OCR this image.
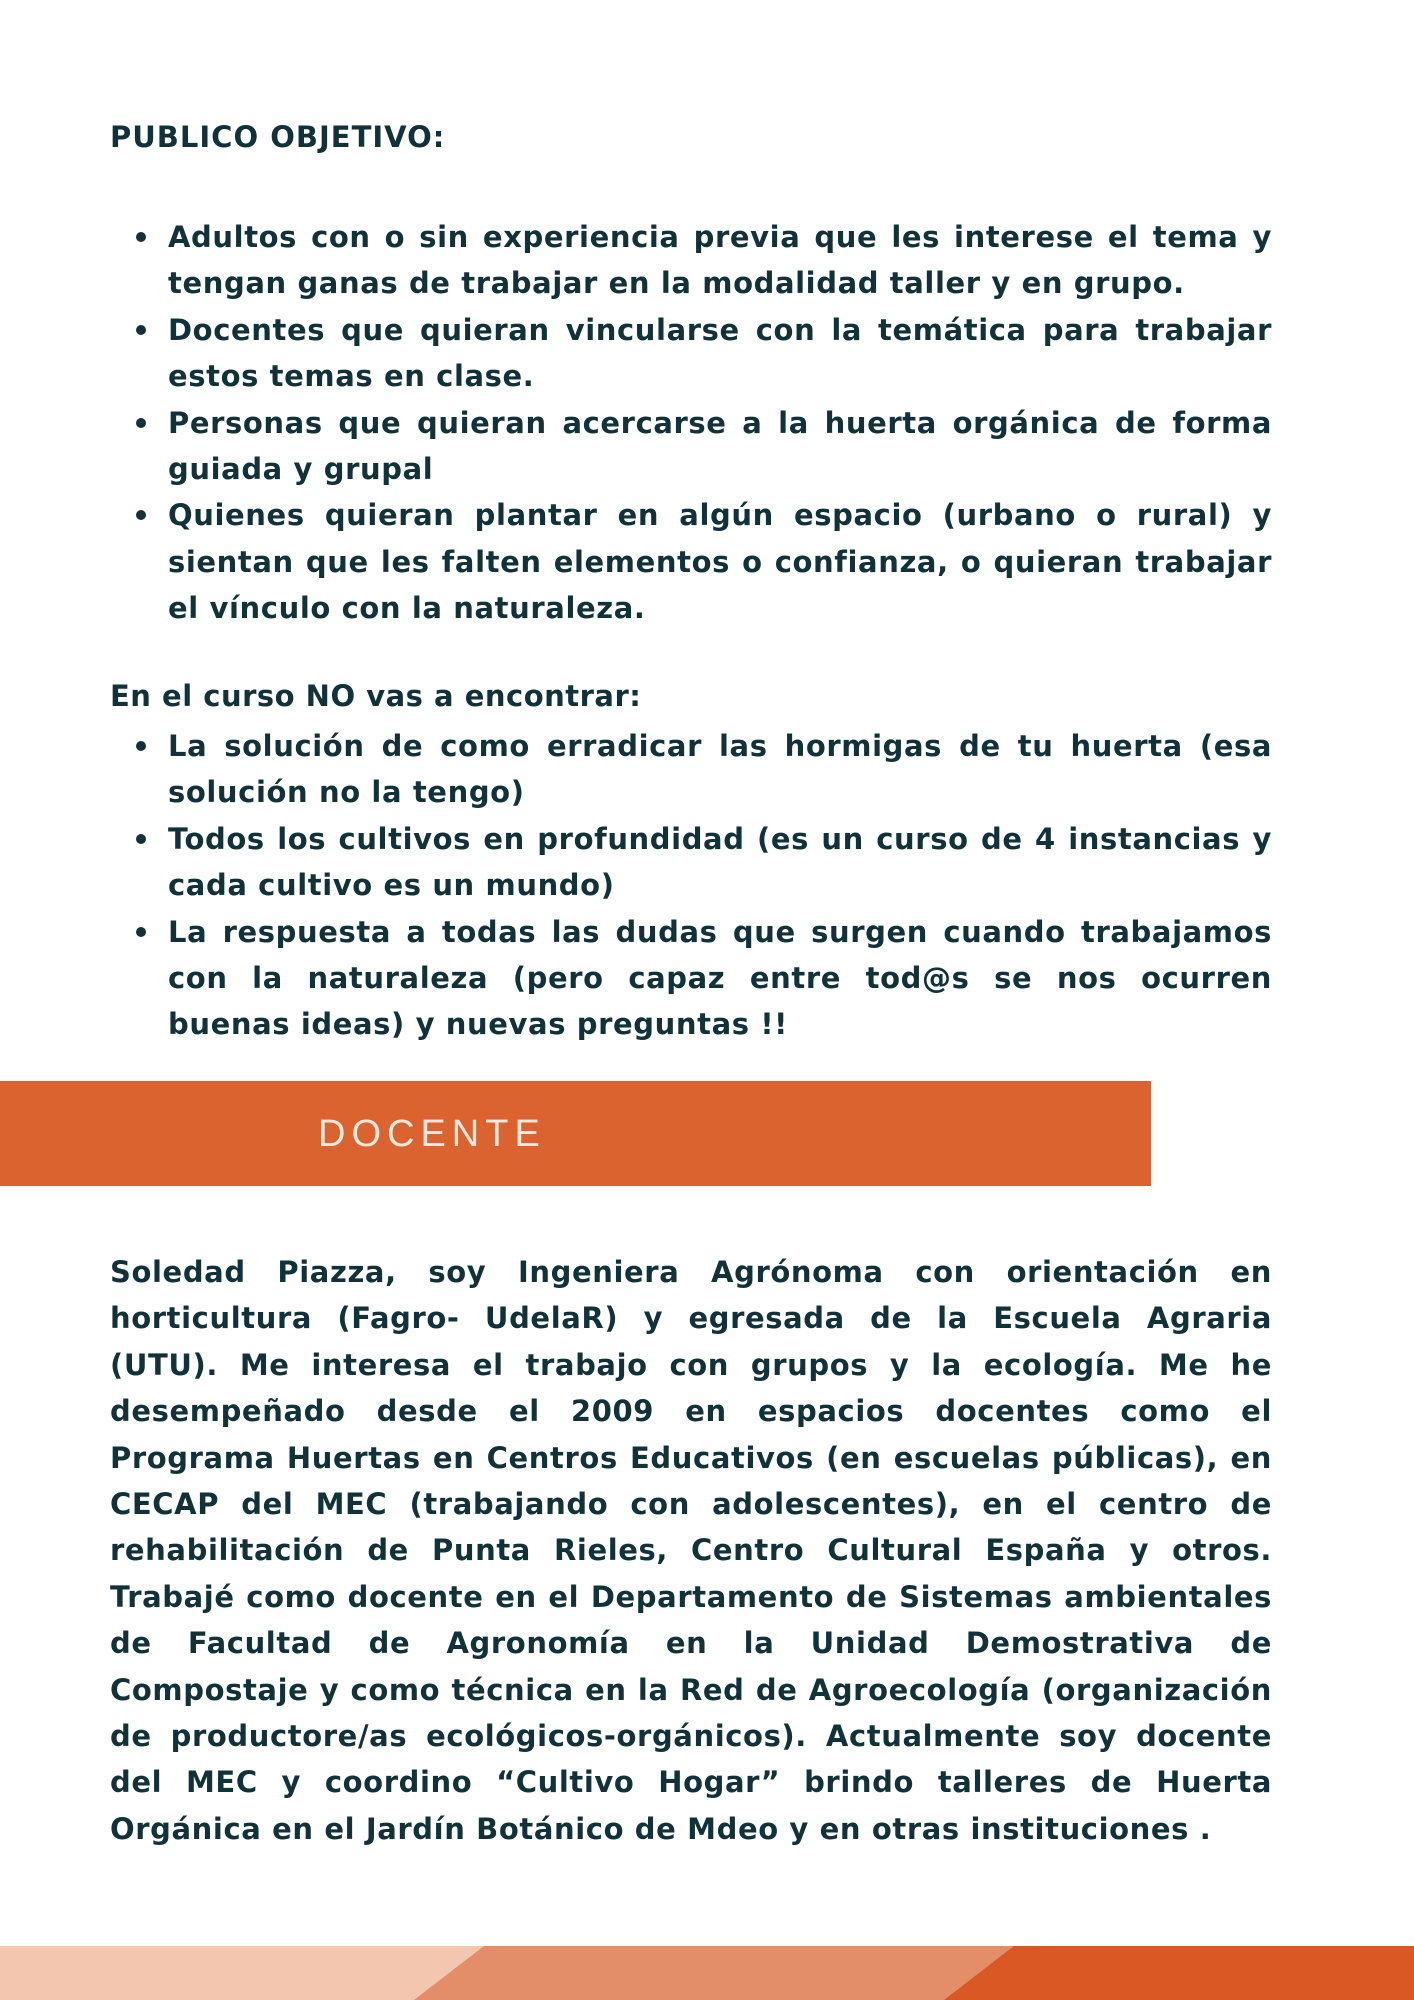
PUBLICO OBJETIVO:
Adultos con o sin experiencia previa que les interese el tema y tengan ganas de trabajar en la modalidad taller y en grupo.
Docentes que quieran vincularse con la temática para trabajar estos temas en clase.
Personas que quieran acercarse a la huerta orgánica de forma guiada y grupal
Quienes quieran plantar en algún espacio (urbano o rural) y sientan que les falten elementos o confianza, o quieran trabajar el vínculo con la naturaleza.
En el curso NO vas a encontrar:
La solución de como erradicar las hormigas de tu huerta (esa solución no la tengo)
Todos los cultivos en profundidad (es un curso de 4 instancias y cada cultivo es un mundo)
La respuesta a todas las dudas que surgen cuando trabajamos con la naturaleza (pero capaz entre tod@s se nos ocurren buenas ideas) y nuevas preguntas !!
DOCENTE

Soledad Piazza, soy Ingeniera Agrónoma con orientación en horticultura (Fagro- UdelaR) y egresada de la Escuela Agraria (UTU). Me interesa el trabajo con grupos y la ecología. Me he desempeñado desde el 2009 en espacios docentes como el Programa Huertas en Centros Educativos (en escuelas públicas), en CECAP del MEC (trabajando con adolescentes), en el centro de rehabilitación de Punta Rieles, Centro Cultural España y otros. Trabajé como docente en el Departamento de Sistemas ambientales de Facultad de Agronomía en la Unidad Demostrativa de Compostaje y como técnica en la Red de Agroecología (organización de productore/as ecológicos-orgánicos). Actualmente soy docente del MEC y coordino “Cultivo Hogar” brindo talleres de Huerta Orgánica en el Jardín Botánico de Mdeo y en otras instituciones .
